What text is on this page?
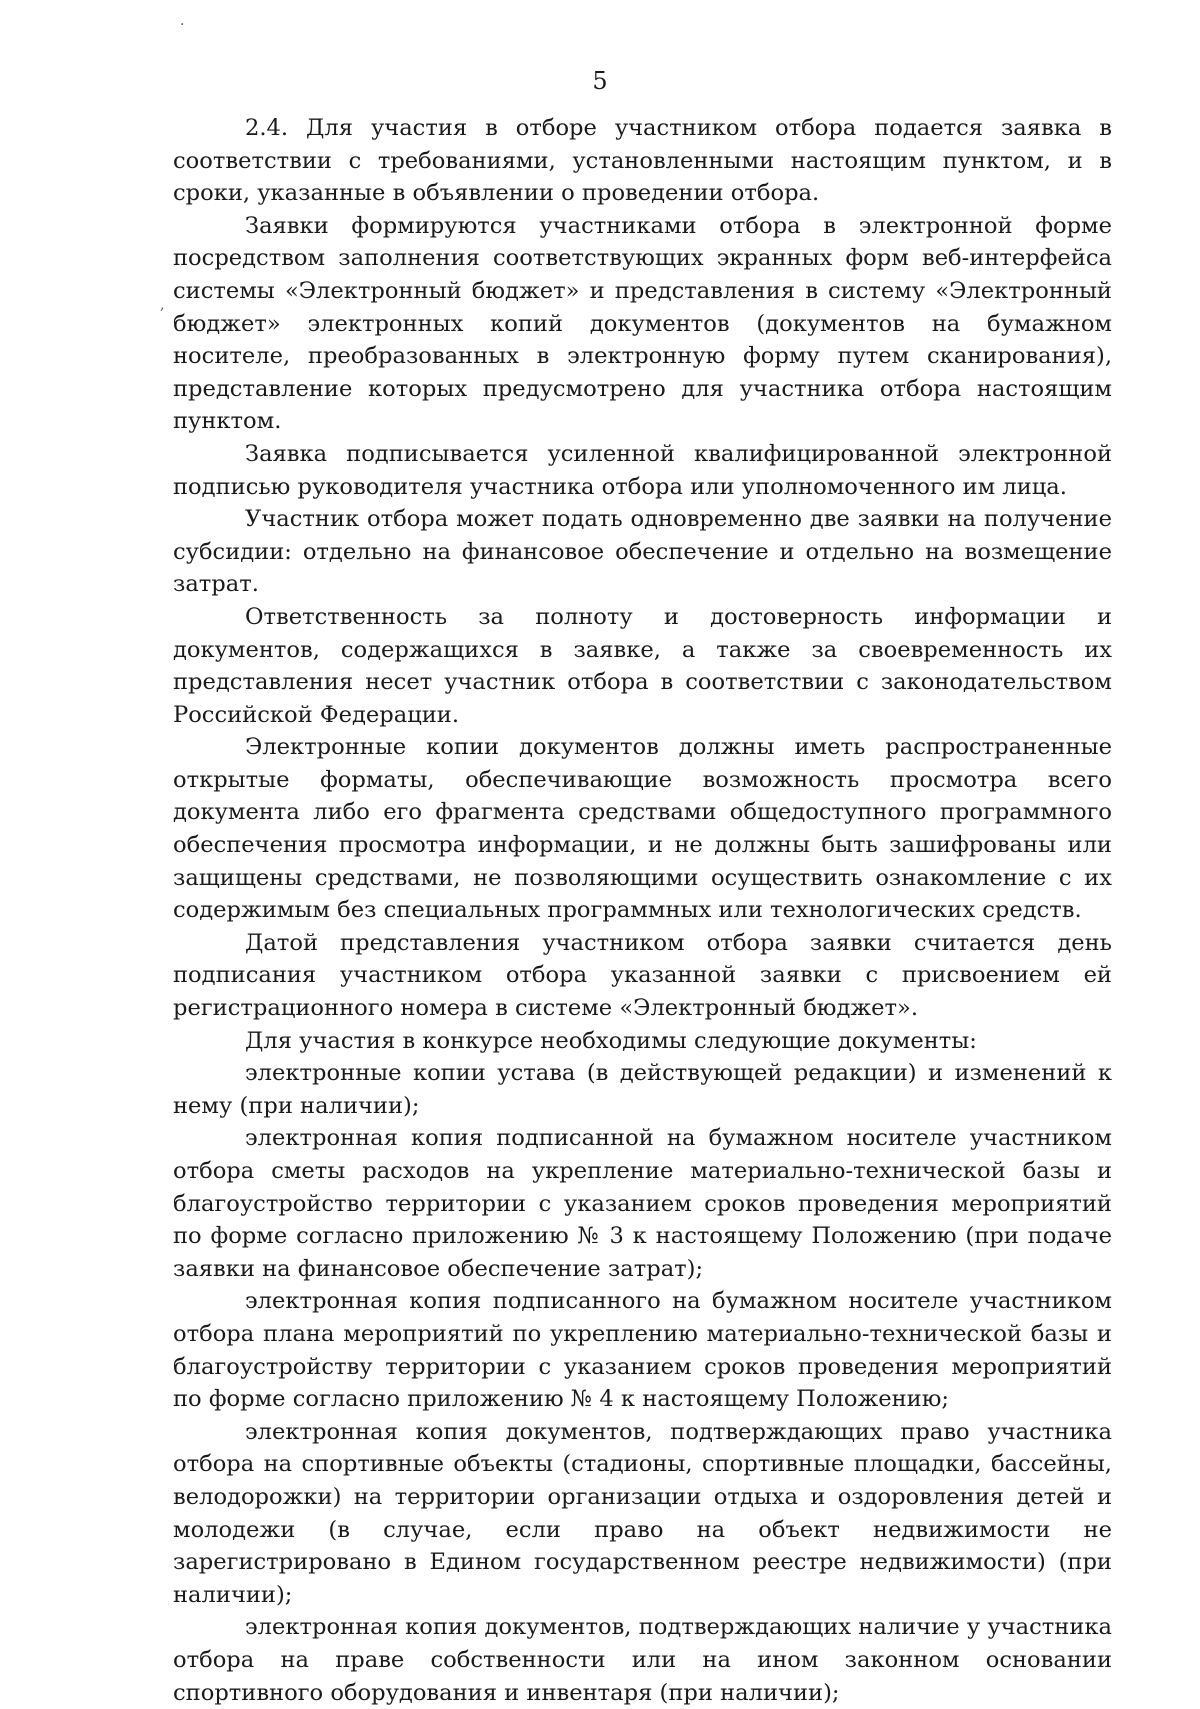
·
,
5

2.4. Для участия в отборе участником отбора подается заявка в соответствии с требованиями, установленными настоящим пунктом, и в сроки, указанные в объявлении о проведении отбора.

Заявки формируются участниками отбора в электронной форме посредством заполнения соответствующих экранных форм веб-интерфейса системы «Электронный бюджет» и представления в систему «Электронный бюджет» электронных копий документов (документов на бумажном носителе, преобразованных в электронную форму путем сканирования), представление которых предусмотрено для участника отбора настоящим пунктом.

Заявка подписывается усиленной квалифицированной электронной подписью руководителя участника отбора или уполномоченного им лица.

Участник отбора может подать одновременно две заявки на получение субсидии: отдельно на финансовое обеспечение и отдельно на возмещение затрат.

Ответственность за полноту и достоверность информации и документов, содержащихся в заявке, а также за своевременность их представления несет участник отбора в соответствии с законодательством Российской Федерации.

Электронные копии документов должны иметь распространенные открытые форматы, обеспечивающие возможность просмотра всего документа либо его фрагмента средствами общедоступного программного обеспечения просмотра информации, и не должны быть зашифрованы или защищены средствами, не позволяющими осуществить ознакомление с их содержимым без специальных программных или технологических средств.

Датой представления участником отбора заявки считается день подписания участником отбора указанной заявки с присвоением ей регистрационного номера в системе «Электронный бюджет».

Для участия в конкурсе необходимы следующие документы:

электронные копии устава (в действующей редакции) и изменений к нему (при наличии);

электронная копия подписанной на бумажном носителе участником отбора сметы расходов на укрепление материально-технической базы и благоустройство территории с указанием сроков проведения мероприятий по форме согласно приложению № 3 к настоящему Положению (при подаче заявки на финансовое обеспечение затрат);

электронная копия подписанного на бумажном носителе участником отбора плана мероприятий по укреплению материально-технической базы и благоустройству территории с указанием сроков проведения мероприятий по форме согласно приложению № 4 к настоящему Положению;

электронная копия документов, подтверждающих право участника отбора на спортивные объекты (стадионы, спортивные площадки, бассейны, велодорожки) на территории организации отдыха и оздоровления детей и молодежи (в случае, если право на объект недвижимости не зарегистрировано в Едином государственном реестре недвижимости) (при наличии);

электронная копия документов, подтверждающих наличие у участника отбора на праве собственности или на ином законном основании спортивного оборудования и инвентаря (при наличии);
